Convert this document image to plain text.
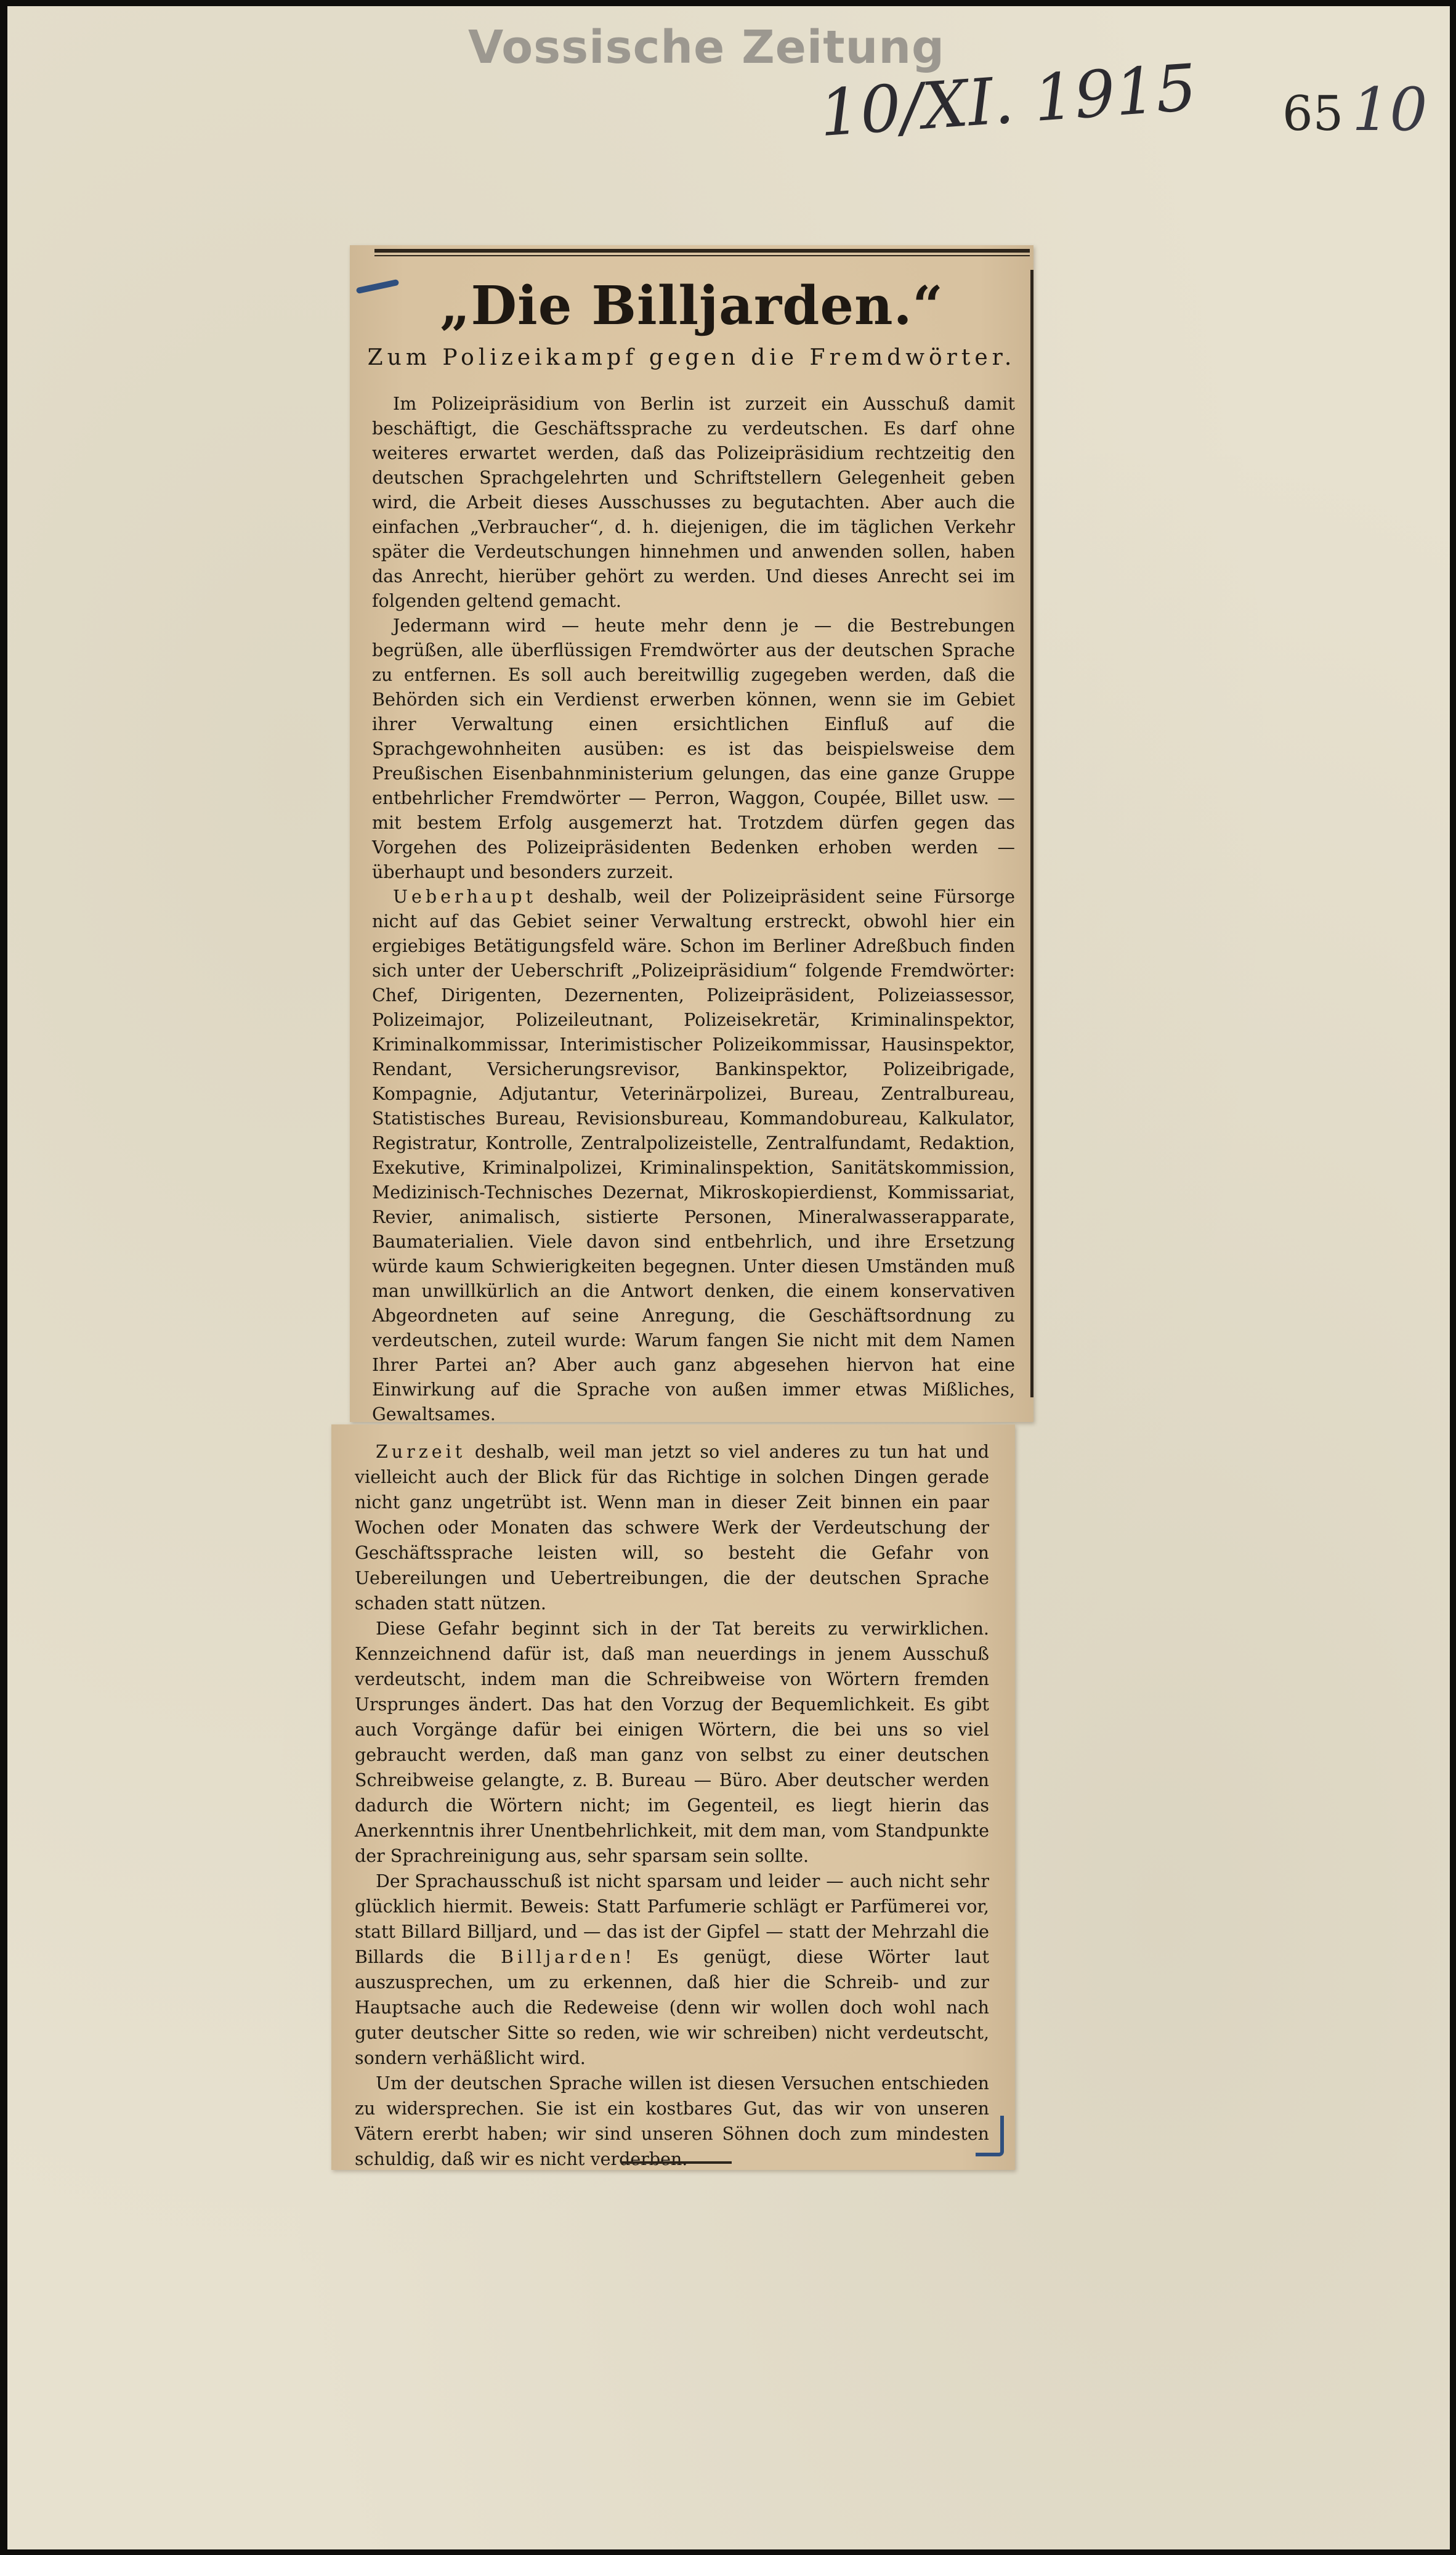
Vossische Zeitung
10/XI. 1915 65 10
„Die Billjarden.“
Zum Polizeikampf gegen die Fremdwörter.

Im Polizeipräsidium von Berlin ist zurzeit ein Ausschuß damit beschäftigt, die Geschäftssprache zu verdeutschen. Es darf ohne weiteres erwartet werden, daß das Polizeipräsidium rechtzeitig den deutschen Sprachgelehrten und Schriftstellern Gelegenheit geben wird, die Arbeit dieses Ausschusses zu begutachten. Aber auch die einfachen „Verbraucher“, d. h. diejenigen, die im täglichen Verkehr später die Verdeutschungen hinnehmen und anwenden sollen, haben das Anrecht, hierüber gehört zu werden. Und dieses Anrecht sei im folgenden geltend gemacht.

Jedermann wird — heute mehr denn je — die Bestrebungen begrüßen, alle überflüssigen Fremdwörter aus der deutschen Sprache zu entfernen. Es soll auch bereitwillig zugegeben werden, daß die Behörden sich ein Verdienst erwerben können, wenn sie im Gebiet ihrer Verwaltung einen ersichtlichen Einfluß auf die Sprachgewohnheiten ausüben: es ist das beispielsweise dem Preußischen Eisenbahnministerium gelungen, das eine ganze Gruppe entbehrlicher Fremdwörter — Perron, Waggon, Coupée, Billet usw. — mit bestem Erfolg ausgemerzt hat. Trotzdem dürfen gegen das Vorgehen des Polizeipräsidenten Bedenken erhoben werden — überhaupt und besonders zurzeit.

Ueberhaupt deshalb, weil der Polizeipräsident seine Fürsorge nicht auf das Gebiet seiner Verwaltung erstreckt, obwohl hier ein ergiebiges Betätigungsfeld wäre. Schon im Berliner Adreßbuch finden sich unter der Ueberschrift „Polizeipräsidium“ folgende Fremdwörter: Chef, Dirigenten, Dezernenten, Polizeipräsident, Polizeiassessor, Polizeimajor, Polizeileutnant, Polizeisekretär, Kriminalinspektor, Kriminalkommissar, Interimistischer Polizeikommissar, Hausinspektor, Rendant, Versicherungsrevisor, Bankinspektor, Polizeibrigade, Kompagnie, Adjutantur, Veterinärpolizei, Bureau, Zentralbureau, Statistisches Bureau, Revisionsbureau, Kommandobureau, Kalkulator, Registratur, Kontrolle, Zentralpolizeistelle, Zentralfundamt, Redaktion, Exekutive, Kriminalpolizei, Kriminalinspektion, Sanitätskommission, Medizinisch-Technisches Dezernat, Mikroskopierdienst, Kommissariat, Revier, animalisch, sistierte Personen, Mineralwasserapparate, Baumaterialien. Viele davon sind entbehrlich, und ihre Ersetzung würde kaum Schwierigkeiten begegnen. Unter diesen Umständen muß man unwillkürlich an die Antwort denken, die einem konservativen Abgeordneten auf seine Anregung, die Geschäftsordnung zu verdeutschen, zuteil wurde: Warum fangen Sie nicht mit dem Namen Ihrer Partei an? Aber auch ganz abgesehen hiervon hat eine Einwirkung auf die Sprache von außen immer etwas Mißliches, Gewaltsames.

Zurzeit deshalb, weil man jetzt so viel anderes zu tun hat und vielleicht auch der Blick für das Richtige in solchen Dingen gerade nicht ganz ungetrübt ist. Wenn man in dieser Zeit binnen ein paar Wochen oder Monaten das schwere Werk der Verdeutschung der Geschäftssprache leisten will, so besteht die Gefahr von Uebereilungen und Uebertreibungen, die der deutschen Sprache schaden statt nützen.

Diese Gefahr beginnt sich in der Tat bereits zu verwirklichen. Kennzeichnend dafür ist, daß man neuerdings in jenem Ausschuß verdeutscht, indem man die Schreibweise von Wörtern fremden Ursprunges ändert. Das hat den Vorzug der Bequemlichkeit. Es gibt auch Vorgänge dafür bei einigen Wörtern, die bei uns so viel gebraucht werden, daß man ganz von selbst zu einer deutschen Schreibweise gelangte, z. B. Bureau — Büro. Aber deutscher werden dadurch die Wörtern nicht; im Gegenteil, es liegt hierin das Anerkenntnis ihrer Unentbehrlichkeit, mit dem man, vom Standpunkte der Sprachreinigung aus, sehr sparsam sein sollte.

Der Sprachausschuß ist nicht sparsam und leider — auch nicht sehr glücklich hiermit. Beweis: Statt Parfumerie schlägt er Parfümerei vor, statt Billard Billjard, und — das ist der Gipfel — statt der Mehrzahl die Billards die Billjarden! Es genügt, diese Wörter laut auszusprechen, um zu erkennen, daß hier die Schreib- und zur Hauptsache auch die Redeweise (denn wir wollen doch wohl nach guter deutscher Sitte so reden, wie wir schreiben) nicht verdeutscht, sondern verhäßlicht wird.

Um der deutschen Sprache willen ist diesen Versuchen entschieden zu widersprechen. Sie ist ein kostbares Gut, das wir von unseren Vätern ererbt haben; wir sind unseren Söhnen doch zum mindesten schuldig, daß wir es nicht verderben.
